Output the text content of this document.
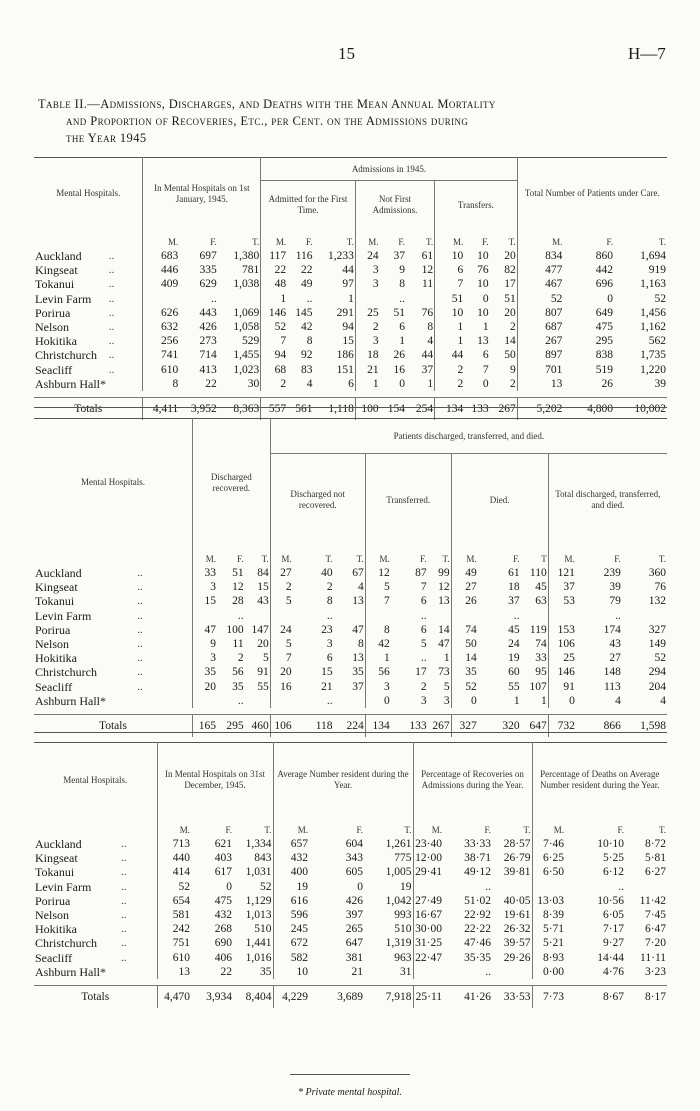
15	H—7
Table II.—Admissions, Discharges, and Deaths with the Mean Annual Mortality
and Proportion of Recoveries, Etc., per Cent. on the Admissions during
the Year 1945
Mental Hospitals.		In Mental Hospitals on 1st January, 1945.			Admissions in 1945.									Total Number of Patients under Care.		
					Admitted for the First Time.			Not First Admissions.			Transfers.					
		M.	F.	T.	M.	F.	T.	M.	F.	T.	M.	F.	T.	M.	F.	T.
Auckland	..	683	697	1,380	117	116	1,233	24	37	61	10	10	20	834	860	1,694
Kingseat	..	446	335	781	22	22	44	3	9	12	6	76	82	477	442	919
Tokanui	..	409	629	1,038	48	49	97	3	8	11	7	10	17	467	696	1,163
Levin Farm	..		..		1	..	1		..		51	0	51	52	0	52
Porirua	..	626	443	1,069	146	145	291	25	51	76	10	10	20	807	649	1,456
Nelson	..	632	426	1,058	52	42	94	2	6	8	1	1	2	687	475	1,162
Hokitika	..	256	273	529	7	8	15	3	1	4	1	13	14	267	295	562
Christchurch	..	741	714	1,455	94	92	186	18	26	44	44	6	50	897	838	1,735
Seacliff	..	610	413	1,023	68	83	151	21	16	37	2	7	9	701	519	1,220
Ashburn Hall*		8	22	30	2	4	6	1	0	1	2	0	2	13	26	39

Totals		4,411	3,952	8,363	557	561	1,118	100	154	254	134	133	267	5,202	4,800	10,002
Mental Hospitals.		Discharged recovered.			Patients discharged, transferred, and died.											
					Discharged not recovered.			Transferred.			Died.			Total discharged, transferred, and died.		
		M.	F.	T.	M.	T.	T.	M.	F.	T.	M.	F.	T	M.	F.	T.
Auckland	..	33	51	84	27	40	67	12	87	99	49	61	110	121	239	360
Kingseat	..	3	12	15	2	2	4	5	7	12	27	18	45	37	39	76
Tokanui	..	15	28	43	5	8	13	7	6	13	26	37	63	53	79	132
Levin Farm	..		..			..			..			..			..	
Porirua	..	47	100	147	24	23	47	8	6	14	74	45	119	153	174	327
Nelson	..	9	11	20	5	3	8	42	5	47	50	24	74	106	43	149
Hokitika	..	3	2	5	7	6	13	1	..	1	14	19	33	25	27	52
Christchurch	..	35	56	91	20	15	35	56	17	73	35	60	95	146	148	294
Seacliff	..	20	35	55	16	21	37	3	2	5	52	55	107	91	113	204
Ashburn Hall*			..			..		0	3	3	0	1	1	0	4	4

Totals		165	295	460	106	118	224	134	133	267	327	320	647	732	866	1,598
Mental Hospitals.		In Mental Hospitals on 31st December, 1945.			Average Number resident during the Year.			Percentage of Recoveries on Admissions during the Year.			Percentage of Deaths on Average Number resident during the Year.		
		M.	F.	T.	M.	F.	T.	M.	F.	T.	M.	F.	T.
Auckland	..	713	621	1,334	657	604	1,261	23·40	33·33	28·57	7·46	10·10	8·72
Kingseat	..	440	403	843	432	343	775	12·00	38·71	26·79	6·25	5·25	5·81
Tokanui	..	414	617	1,031	400	605	1,005	29·41	49·12	39·81	6·50	6·12	6·27
Levin Farm	..	52	0	52	19	0	19		..			..	
Porirua	..	654	475	1,129	616	426	1,042	27·49	51·02	40·05	13·03	10·56	11·42
Nelson	..	581	432	1,013	596	397	993	16·67	22·92	19·61	8·39	6·05	7·45
Hokitika	..	242	268	510	245	265	510	30·00	22·22	26·32	5·71	7·17	6·47
Christchurch	..	751	690	1,441	672	647	1,319	31·25	47·46	39·57	5·21	9·27	7·20
Seacliff	..	610	406	1,016	582	381	963	22·47	35·35	29·26	8·93	14·44	11·11
Ashburn Hall*		13	22	35	10	21	31		..		0·00	4·76	3·23

Totals		4,470	3,934	8,404	4,229	3,689	7,918	25·11	41·26	33·53	7·73	8·67	8·17
* Private mental hospital.
